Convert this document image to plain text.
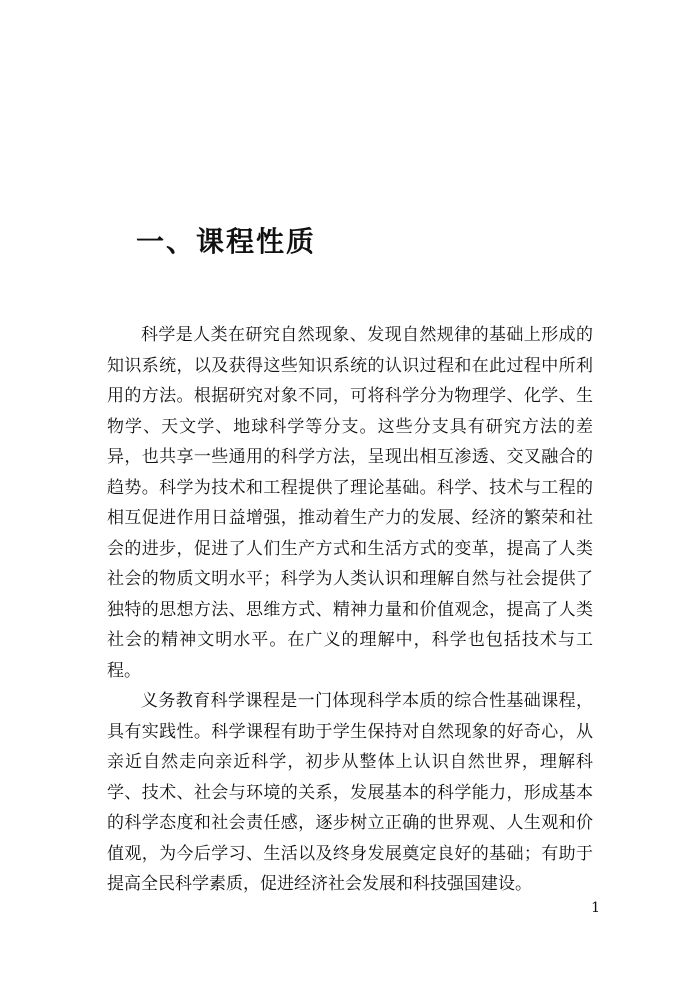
一、课程性质

科学是人类在研究自然现象、发现自然规律的基础上形成的知识系统，以及获得这些知识系统的认识过程和在此过程中所利用的方法。根据研究对象不同，可将科学分为物理学、化学、生物学、天文学、地球科学等分支。这些分支具有研究方法的差异，也共享一些通用的科学方法，呈现出相互渗透、交叉融合的趋势。科学为技术和工程提供了理论基础。科学、技术与工程的相互促进作用日益增强，推动着生产力的发展、经济的繁荣和社会的进步，促进了人们生产方式和生活方式的变革，提高了人类社会的物质文明水平；科学为人类认识和理解自然与社会提供了独特的思想方法、思维方式、精神力量和价值观念，提高了人类社会的精神文明水平。在广义的理解中，科学也包括技术与工程。

义务教育科学课程是一门体现科学本质的综合性基础课程，具有实践性。科学课程有助于学生保持对自然现象的好奇心，从亲近自然走向亲近科学，初步从整体上认识自然世界，理解科学、技术、社会与环境的关系，发展基本的科学能力，形成基本的科学态度和社会责任感，逐步树立正确的世界观、人生观和价值观，为今后学习、生活以及终身发展奠定良好的基础；有助于提高全民科学素质，促进经济社会发展和科技强国建设。

1
